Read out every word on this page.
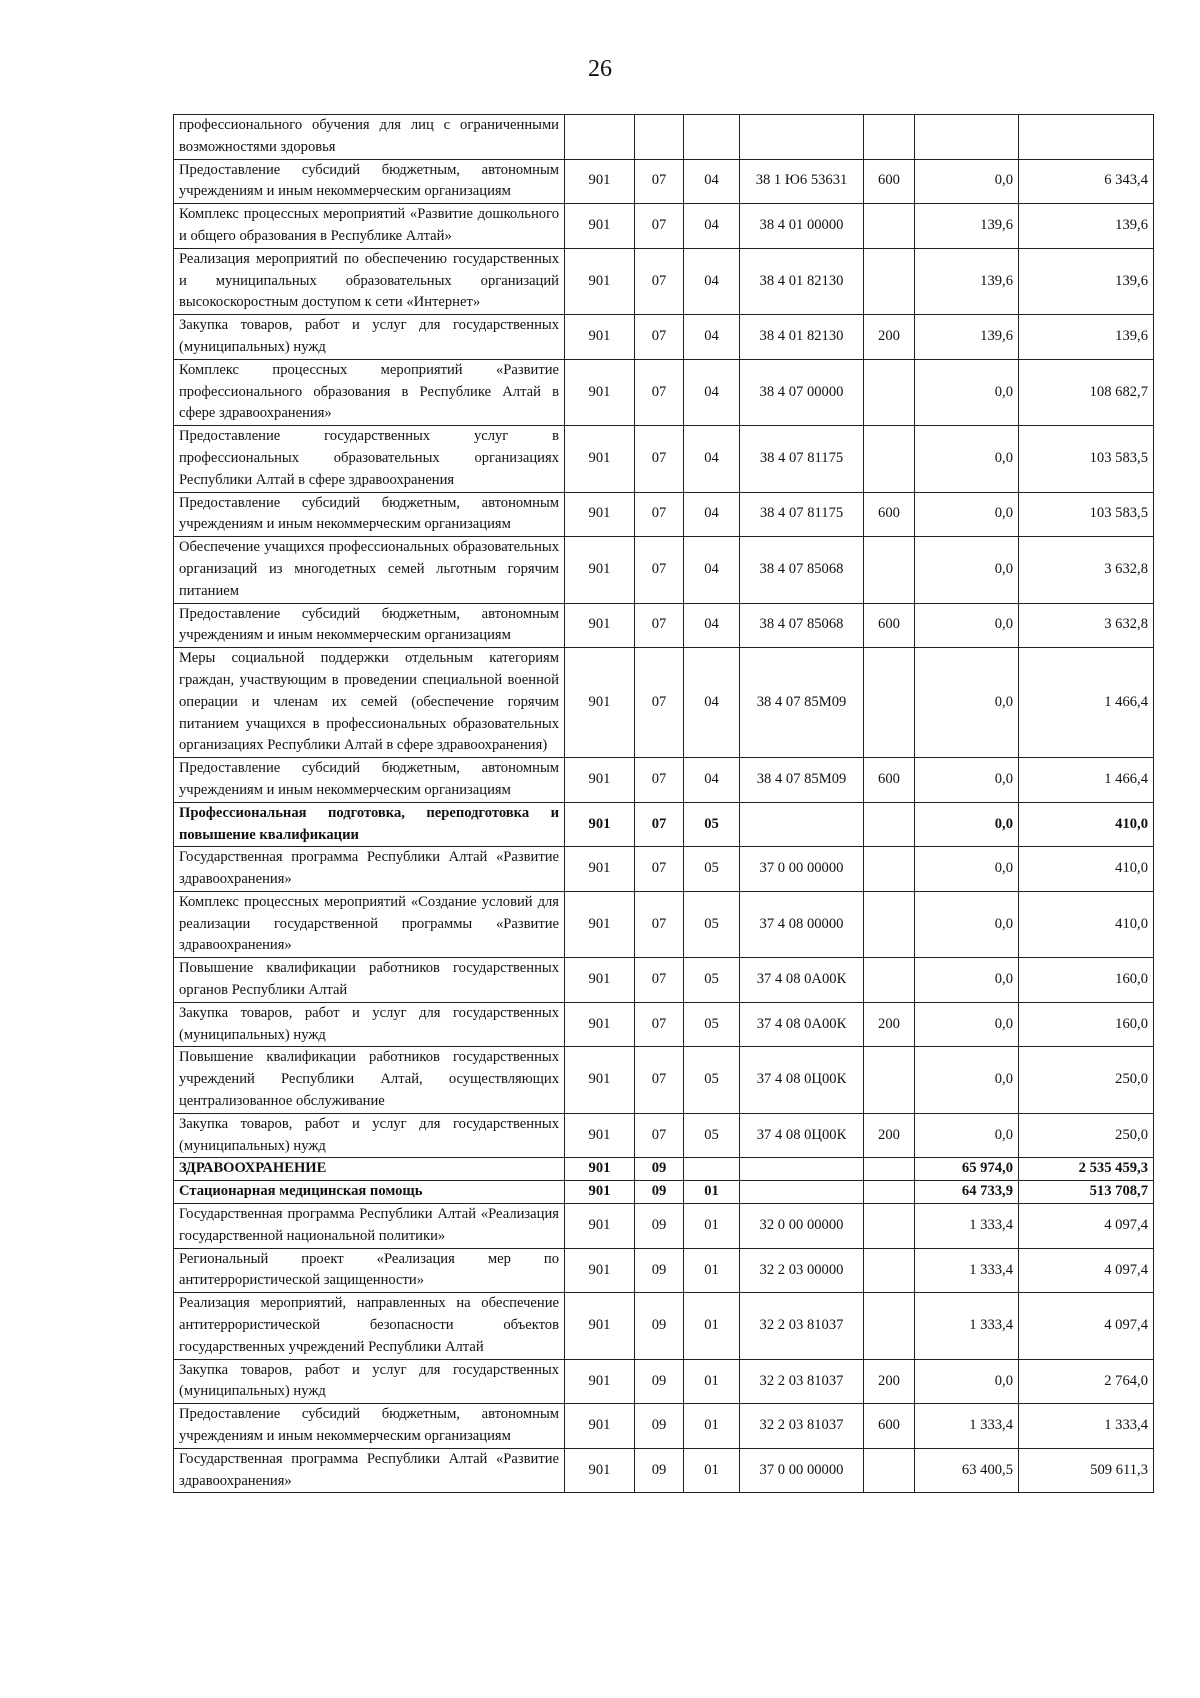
26
профессионального обучения для лиц с ограниченными возможностями здоровья							
Предоставление субсидий бюджетным, автономным учреждениям и иным некоммерческим организациям	901	07	04	38 1 Ю6 53631	600	0,0	6 343,4
Комплекс процессных мероприятий «Развитие дошкольного и общего образования в Республике Алтай»	901	07	04	38 4 01 00000		139,6	139,6
Реализация мероприятий по обеспечению государственных и муниципальных образовательных организаций высокоскоростным доступом к сети «Интернет»	901	07	04	38 4 01 82130		139,6	139,6
Закупка товаров, работ и услуг для государственных (муниципальных) нужд	901	07	04	38 4 01 82130	200	139,6	139,6
Комплекс процессных мероприятий «Развитие профессионального образования в Республике Алтай в сфере здравоохранения»	901	07	04	38 4 07 00000		0,0	108 682,7
Предоставление государственных услуг в профессиональных образовательных организациях Республики Алтай в сфере здравоохранения	901	07	04	38 4 07 81175		0,0	103 583,5
Предоставление субсидий бюджетным, автономным учреждениям и иным некоммерческим организациям	901	07	04	38 4 07 81175	600	0,0	103 583,5
Обеспечение учащихся профессиональных образовательных организаций из многодетных семей льготным горячим питанием	901	07	04	38 4 07 85068		0,0	3 632,8
Предоставление субсидий бюджетным, автономным учреждениям и иным некоммерческим организациям	901	07	04	38 4 07 85068	600	0,0	3 632,8
Меры социальной поддержки отдельным категориям граждан, участвующим в проведении специальной военной операции и членам их семей (обеспечение горячим питанием учащихся в профессиональных образовательных организациях Республики Алтай в сфере здравоохранения)	901	07	04	38 4 07 85М09		0,0	1 466,4
Предоставление субсидий бюджетным, автономным учреждениям и иным некоммерческим организациям	901	07	04	38 4 07 85М09	600	0,0	1 466,4
Профессиональная подготовка, переподготовка и повышение квалификации	901	07	05			0,0	410,0
Государственная программа Республики Алтай «Развитие здравоохранения»	901	07	05	37 0 00 00000		0,0	410,0
Комплекс процессных мероприятий «Создание условий для реализации государственной программы «Развитие здравоохранения»	901	07	05	37 4 08 00000		0,0	410,0
Повышение квалификации работников государственных органов Республики Алтай	901	07	05	37 4 08 0А00К		0,0	160,0
Закупка товаров, работ и услуг для государственных (муниципальных) нужд	901	07	05	37 4 08 0А00К	200	0,0	160,0
Повышение квалификации работников государственных учреждений Республики Алтай, осуществляющих централизованное обслуживание	901	07	05	37 4 08 0Ц00К		0,0	250,0
Закупка товаров, работ и услуг для государственных (муниципальных) нужд	901	07	05	37 4 08 0Ц00К	200	0,0	250,0
ЗДРАВООХРАНЕНИЕ	901	09				65 974,0	2 535 459,3
Стационарная медицинская помощь	901	09	01			64 733,9	513 708,7
Государственная программа Республики Алтай «Реализация государственной национальной политики»	901	09	01	32 0 00 00000		1 333,4	4 097,4
Региональный проект «Реализация мер по антитеррористической защищенности»	901	09	01	32 2 03 00000		1 333,4	4 097,4
Реализация мероприятий, направленных на обеспечение антитеррористической безопасности объектов государственных учреждений Республики Алтай	901	09	01	32 2 03 81037		1 333,4	4 097,4
Закупка товаров, работ и услуг для государственных (муниципальных) нужд	901	09	01	32 2 03 81037	200	0,0	2 764,0
Предоставление субсидий бюджетным, автономным учреждениям и иным некоммерческим организациям	901	09	01	32 2 03 81037	600	1 333,4	1 333,4
Государственная программа Республики Алтай «Развитие здравоохранения»	901	09	01	37 0 00 00000		63 400,5	509 611,3
